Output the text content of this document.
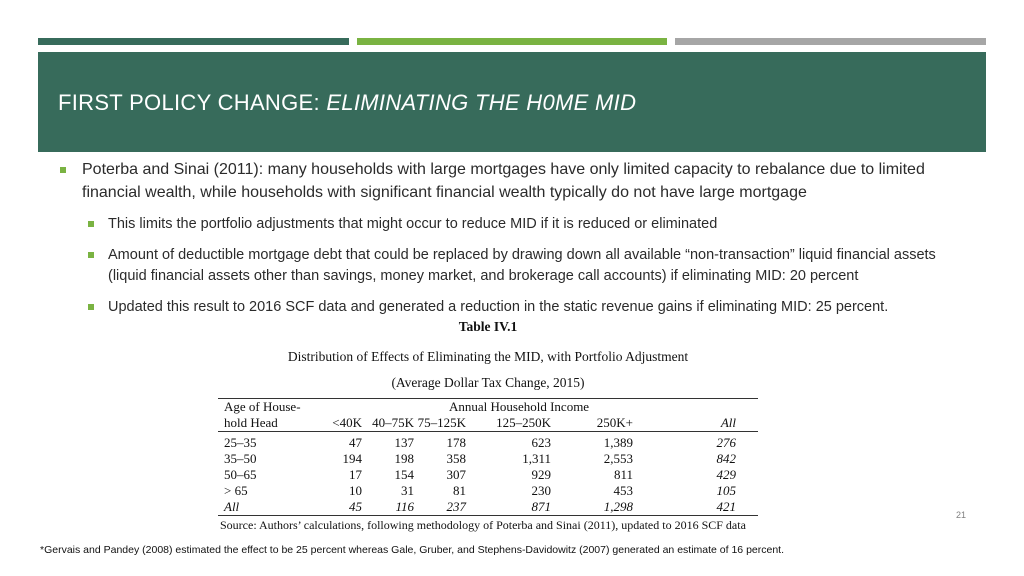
FIRST POLICY CHANGE: ELIMINATING THE H0ME MID
Poterba and Sinai (2011): many households with large mortgages have only limited capacity to rebalance due to limited financial wealth, while households with significant financial wealth typically do not have large mortgage
This limits the portfolio adjustments that might occur to reduce MID if it is reduced or eliminated
Amount of deductible mortgage debt that could be replaced by drawing down all available “non-transaction” liquid financial assets (liquid financial assets other than savings, money market, and brokerage call accounts) if eliminating MID: 20 percent
Updated this result to 2016 SCF data and generated a reduction in the static revenue gains if eliminating MID: 25 percent.
Table IV.1
Distribution of Effects of Eliminating the MID, with Portfolio Adjustment
(Average Dollar Tax Change, 2015)
Age of House-	Annual Household Income					
hold Head	<40K	40–75K	75–125K	125–250K	250K+	All
25–35	47	137	178	623	1,389	276
35–50	194	198	358	1,311	2,553	842
50–65	17	154	307	929	811	429
> 65	10	31	81	230	453	105
All	45	116	237	871	1,298	421
Source: Authors’ calculations, following methodology of Poterba and Sinai (2011), updated to 2016 SCF data
21
*Gervais and Pandey (2008) estimated the effect to be 25 percent whereas Gale, Gruber, and Stephens-Davidowitz (2007) generated an estimate of 16 percent.
